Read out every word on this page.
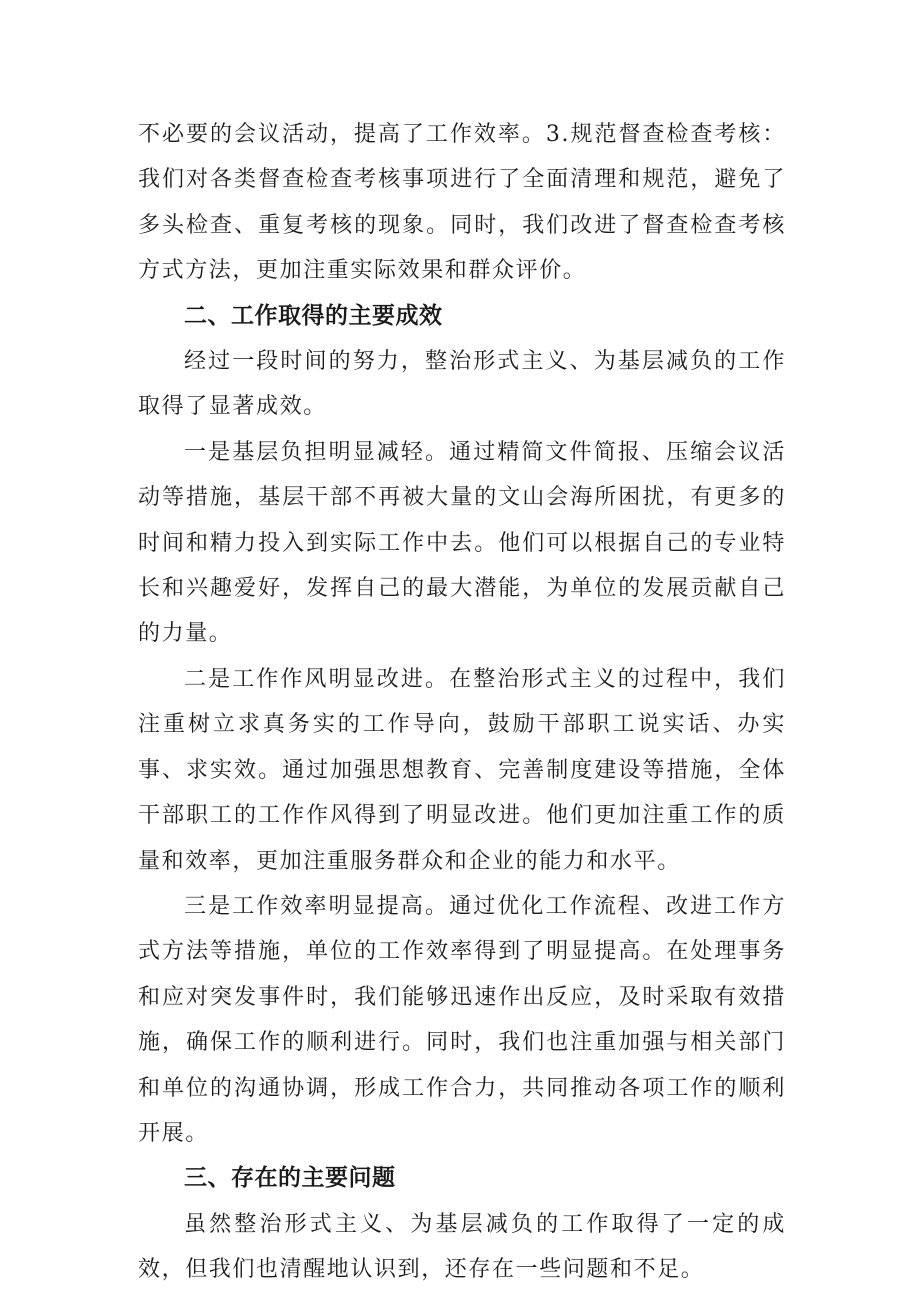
不必要的会议活动，提高了工作效率。3.规范督查检查考核：我们对各类督查检查考核事项进行了全面清理和规范，避免了多头检查、重复考核的现象。同时，我们改进了督查检查考核方式方法，更加注重实际效果和群众评价。

二、工作取得的主要成效

经过一段时间的努力，整治形式主义、为基层减负的工作取得了显著成效。

一是基层负担明显减轻。通过精简文件简报、压缩会议活动等措施，基层干部不再被大量的文山会海所困扰，有更多的时间和精力投入到实际工作中去。他们可以根据自己的专业特长和兴趣爱好，发挥自己的最大潜能，为单位的发展贡献自己的力量。

二是工作作风明显改进。在整治形式主义的过程中，我们注重树立求真务实的工作导向，鼓励干部职工说实话、办实事、求实效。通过加强思想教育、完善制度建设等措施，全体干部职工的工作作风得到了明显改进。他们更加注重工作的质量和效率，更加注重服务群众和企业的能力和水平。

三是工作效率明显提高。通过优化工作流程、改进工作方式方法等措施，单位的工作效率得到了明显提高。在处理事务和应对突发事件时，我们能够迅速作出反应，及时采取有效措施，确保工作的顺利进行。同时，我们也注重加强与相关部门和单位的沟通协调，形成工作合力，共同推动各项工作的顺利开展。

三、存在的主要问题

虽然整治形式主义、为基层减负的工作取得了一定的成效，但我们也清醒地认识到，还存在一些问题和不足。
